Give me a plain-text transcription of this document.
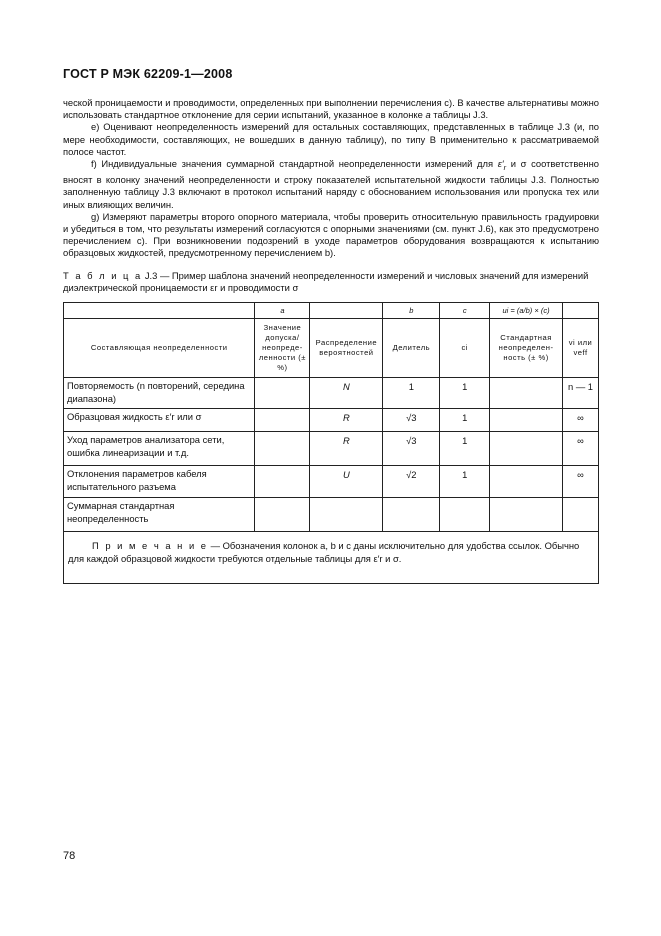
ГОСТ Р МЭК 62209-1—2008

ческой проницаемости и проводимости, определенных при выполнении перечисления с). В качестве альтернативы можно использовать стандартное отклонение для серии испытаний, указанное в колонке а таблицы J.3.

е) Оценивают неопределенность измерений для остальных составляющих, представленных в таблице J.3 (и, по мере необходимости, составляющих, не вошедших в данную таблицу), по типу В применительно к рассматриваемой полосе частот.

f) Индивидуальные значения суммарной стандартной неопределенности измерений для $\varepsilon'_r$ и σ соответственно вносят в колонку значений неопределенности и строку показателей испытательной жидкости таблицы J.3. Полностью заполненную таблицу J.3 включают в протокол испытаний наряду с обоснованием использования или пропуска тех или иных влияющих величин.

g) Измеряют параметры второго опорного материала, чтобы проверить относительную правильность градуировки и убедиться в том, что результаты измерений согласуются с опорными значениями (см. пункт J.6), как это предусмотрено перечислением с). При возникновении подозрений в уходе параметров оборудования возвращаются к испытанию образцовых жидкостей, предусмотренному перечислением b).

Т а б л и ц а J.3 — Пример шаблона значений неопределенности измерений и числовых значений для измерений диэлектрической проницаемости εr и проводимости σ
	a		b	c	ui = (a/b) × (c)	
Составляющая неопределенности	Значение допуска/ неопреде-ленности (± %)	Распределение вероятностей	Делитель	ci	Стандартная неопределен-ность (± %)	vi или veff
Повторяемость (n повторений, середина диапазона)		N	1	1		n — 1
Образцовая жидкость ε′r или σ		R	√3	1		∞
Уход параметров анализатора сети, ошибка линеаризации и т.д.		R	√3	1		∞
Отклонения параметров кабеля испытательного разъема		U	√2	1		∞
Суммарная стандартная неопределенность						
П р и м е ч а н и е — Обозначения колонок a, b и c даны исключительно для удобства ссылок. Обычно для каждой образцовой жидкости требуются отдельные таблицы для ε′r и σ.						
78
